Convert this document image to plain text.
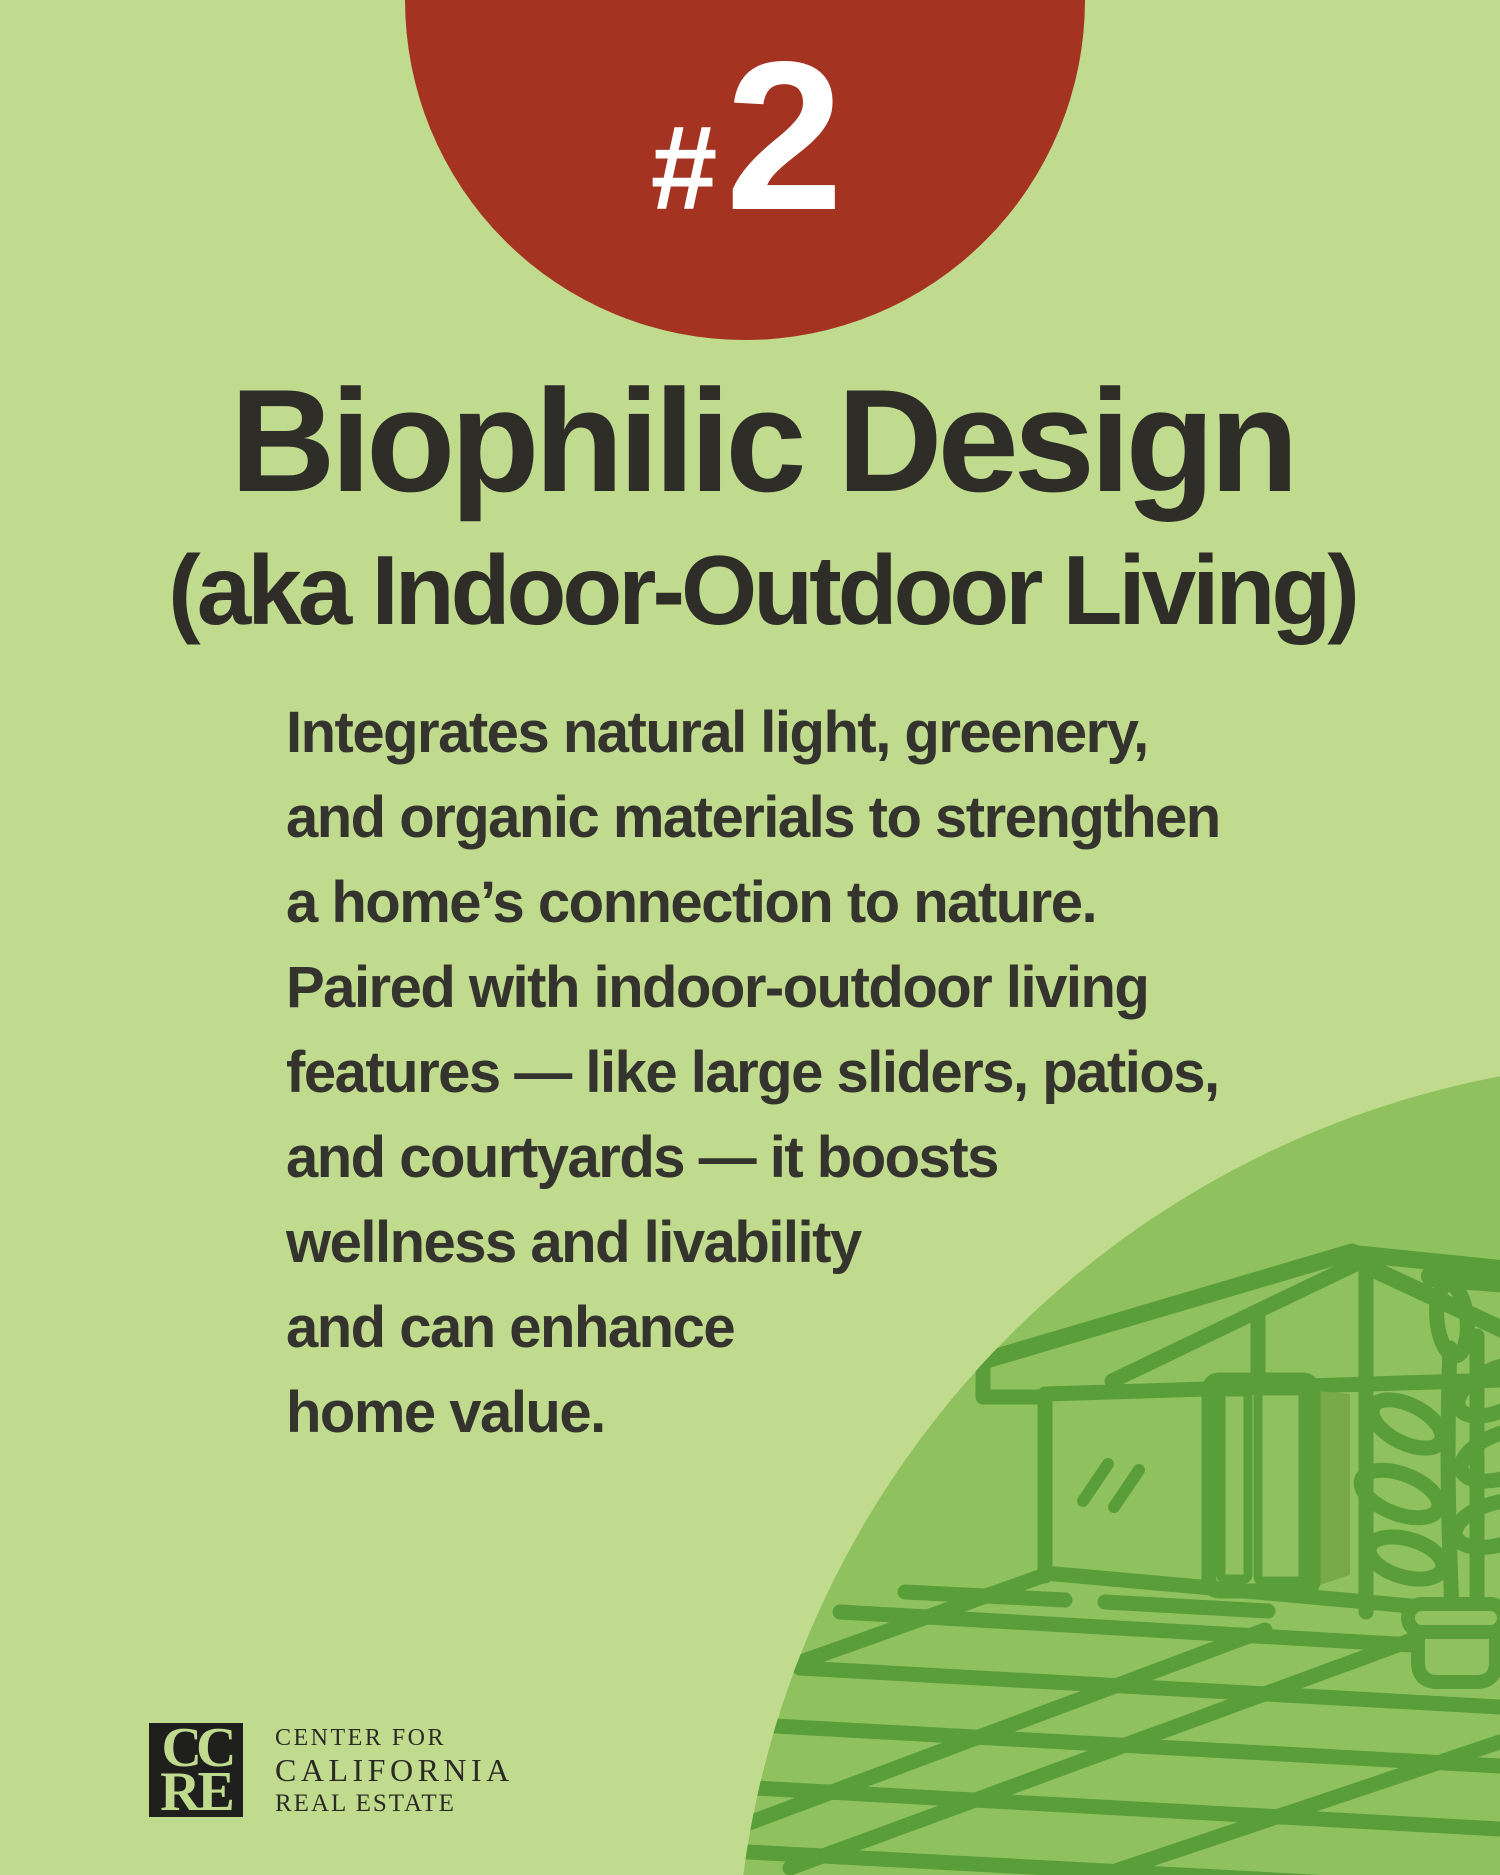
#2
Biophilic Design
(aka Indoor-Outdoor Living)
Integrates natural light, greenery,
and organic materials to strengthen
a home’s connection to nature.
Paired with indoor-outdoor living
features — like large sliders, patios,
and courtyards — it boosts
wellness and livability
and can enhance
home value.
CC
RE
CENTER FOR
CALIFORNIA
REAL ESTATE
